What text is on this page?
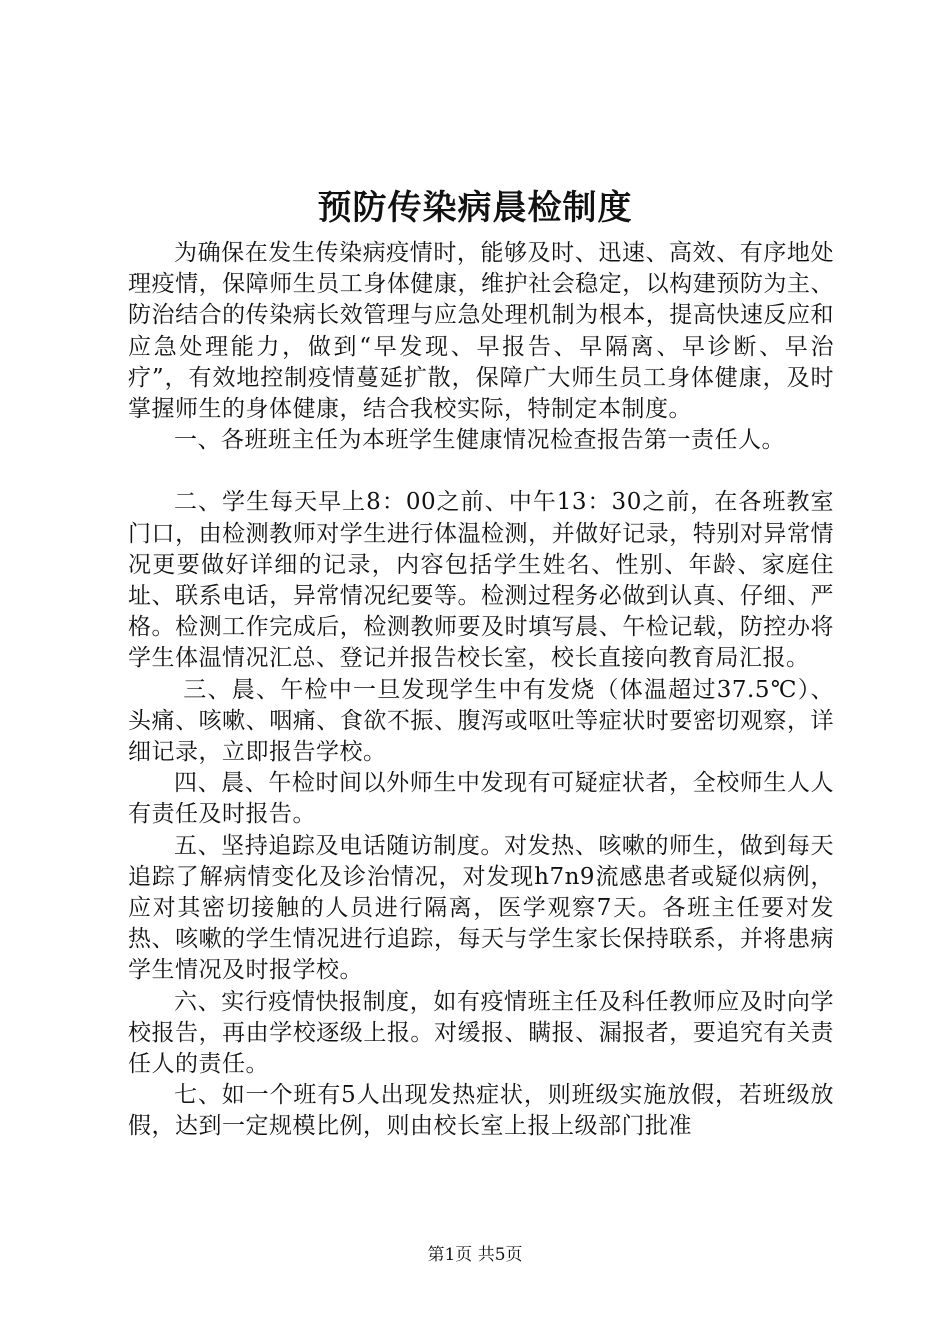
预防传染病晨检制度

为确保在发生传染病疫情时，能够及时、迅速、高效、有序地处理疫情，保障师生员工身体健康，维护社会稳定，以构建预防为主、防治结合的传染病长效管理与应急处理机制为根本，提高快速反应和应急处理能力，做到“早发现、早报告、早隔离、早诊断、早治疗”，有效地控制疫情蔓延扩散，保障广大师生员工身体健康，及时掌握师生的身体健康，结合我校实际，特制定本制度。

一、各班班主任为本班学生健康情况检查报告第一责任人。

二、学生每天早上8：00之前、中午13：30之前，在各班教室门口，由检测教师对学生进行体温检测，并做好记录，特别对异常情况更要做好详细的记录，内容包括学生姓名、性别、年龄、家庭住址、联系电话，异常情况纪要等。检测过程务必做到认真、仔细、严格。检测工作完成后，检测教师要及时填写晨、午检记载，防控办将学生体温情况汇总、登记并报告校长室，校长直接向教育局汇报。

三、晨、午检中一旦发现学生中有发烧（体温超过37.5℃）、头痛、咳嗽、咽痛、食欲不振、腹泻或呕吐等症状时要密切观察，详细记录，立即报告学校。

四、晨、午检时间以外师生中发现有可疑症状者，全校师生人人有责任及时报告。

五、坚持追踪及电话随访制度。对发热、咳嗽的师生，做到每天追踪了解病情变化及诊治情况，对发现h7n9流感患者或疑似病例，应对其密切接触的人员进行隔离，医学观察7天。各班主任要对发热、咳嗽的学生情况进行追踪，每天与学生家长保持联系，并将患病学生情况及时报学校。

六、实行疫情快报制度，如有疫情班主任及科任教师应及时向学校报告，再由学校逐级上报。对缓报、瞒报、漏报者，要追究有关责任人的责任。

七、如一个班有5人出现发热症状，则班级实施放假，若班级放假，达到一定规模比例，则由校长室上报上级部门批准

第1页 共5页
